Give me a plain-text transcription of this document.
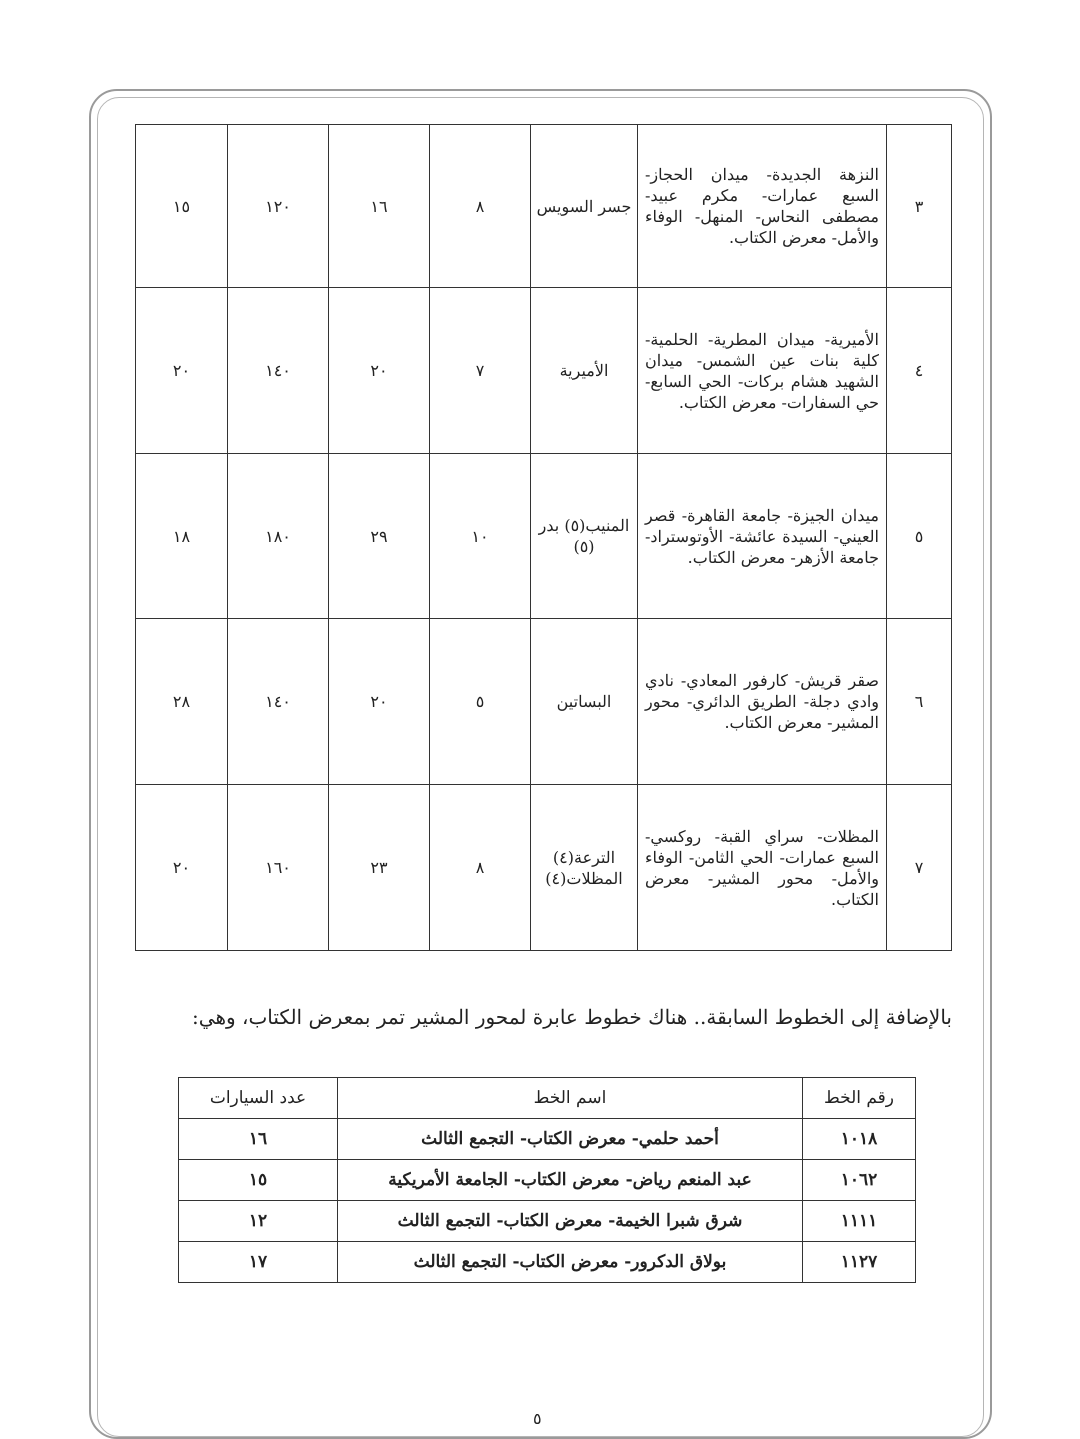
٣	النزهة الجديدة- ميدان الحجاز- السبع عمارات- مكرم عبيد- مصطفى النحاس- المنهل- الوفاء والأمل- معرض الكتاب.	جسر السويس	٨	١٦	١٢٠	١٥
٤	الأميرية- ميدان المطرية- الحلمية- كلية بنات عين الشمس- ميدان الشهيد هشام بركات- الحي السابع- حي السفارات- معرض الكتاب.	الأميرية	٧	٢٠	١٤٠	٢٠
٥	ميدان الجيزة- جامعة القاهرة- قصر العيني- السيدة عائشة- الأوتوستراد- جامعة الأزهر- معرض الكتاب.	المنيب(٥) بدر (٥)	١٠	٢٩	١٨٠	١٨
٦	صقر قريش- كارفور المعادي- نادي وادي دجلة- الطريق الدائري- محور المشير- معرض الكتاب.	البساتين	٥	٢٠	١٤٠	٢٨
٧	المظلات- سراي القبة- روكسي- السبع عمارات- الحي الثامن- الوفاء والأمل- محور المشير- معرض الكتاب.	الترعة(٤) المظلات(٤)	٨	٢٣	١٦٠	٢٠
بالإضافة إلى الخطوط السابقة.. هناك خطوط عابرة لمحور المشير تمر بمعرض الكتاب، وهي:
رقم الخط	اسم الخط	عدد السيارات
١٠١٨	أحمد حلمي- معرض الكتاب- التجمع الثالث	١٦
١٠٦٢	عبد المنعم رياض- معرض الكتاب- الجامعة الأمريكية	١٥
١١١١	شرق شبرا الخيمة- معرض الكتاب- التجمع الثالث	١٢
١١٢٧	بولاق الدكرور- معرض الكتاب- التجمع الثالث	١٧
٥
